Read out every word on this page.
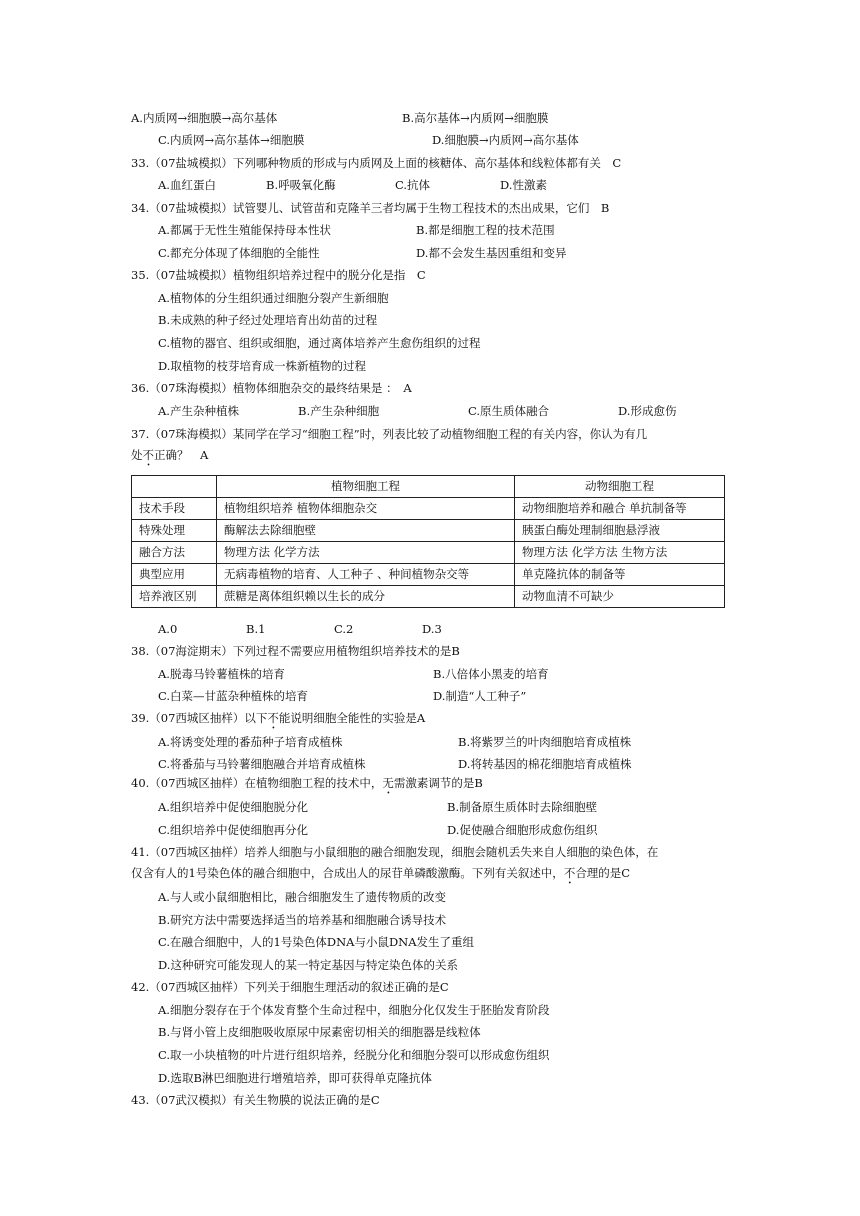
A.内质网→细胞膜→高尔基体	B.高尔基体→内质网→细胞膜
C.内质网→高尔基体→细胞膜	D.细胞膜→内质网→高尔基体
33.（07盐城模拟）下列哪种物质的形成与内质网及上面的核糖体、高尔基体和线粒体都有关　C
A.血红蛋白	B.呼吸氧化酶	C.抗体	D.性激素
34.（07盐城模拟）试管婴儿、试管苗和克隆羊三者均属于生物工程技术的杰出成果，它们　B
A.都属于无性生殖能保持母本性状	B.都是细胞工程的技术范围
C.都充分体现了体细胞的全能性	D.都不会发生基因重组和变异
35.（07盐城模拟）植物组织培养过程中的脱分化是指　C
A.植物体的分生组织通过细胞分裂产生新细胞
B.未成熟的种子经过处理培育出幼苗的过程
C.植物的器官、组织或细胞，通过离体培养产生愈伤组织的过程
D.取植物的枝芽培育成一株新植物的过程
36.（07珠海模拟）植物体细胞杂交的最终结果是 ：　A
A.产生杂种植株	B.产生杂种细胞	C.原生质体融合	D.形成愈伤
37.（07珠海模拟）某同学在学习“细胞工程”时，列表比较了动植物细胞工程的有关内容，你认为有几
处不正确？　A
	植物细胞工程	动物细胞工程
技术手段	植物组织培养 植物体细胞杂交	动物细胞培养和融合 单抗制备等
特殊处理	酶解法去除细胞壁	胰蛋白酶处理制细胞悬浮液
融合方法	物理方法 化学方法	物理方法 化学方法 生物方法
典型应用	无病毒植物的培育、人工种子 、种间植物杂交等	单克隆抗体的制备等
培养液区别	蔗糖是离体组织赖以生长的成分	动物血清不可缺少
A.0	B.1	C.2	D.3
38.（07海淀期末）下列过程不需要应用植物组织培养技术的是B
A.脱毒马铃薯植株的培育	B.八倍体小黑麦的培育
C.白菜—甘蓝杂种植株的培育	D.制造“人工种子”
39.（07西城区抽样）以下不能说明细胞全能性的实验是A
A.将诱变处理的番茄种子培育成植株	B.将紫罗兰的叶肉细胞培育成植株
C.将番茄与马铃薯细胞融合并培育成植株	D.将转基因的棉花细胞培育成植株
40.（07西城区抽样）在植物细胞工程的技术中，无需激素调节的是B
A.组织培养中促使细胞脱分化	B.制备原生质体时去除细胞壁
C.组织培养中促使细胞再分化	D.促使融合细胞形成愈伤组织
41.（07西城区抽样）培养人细胞与小鼠细胞的融合细胞发现，细胞会随机丢失来自人细胞的染色体，在
仅含有人的1号染色体的融合细胞中，合成出人的尿苷单磷酸激酶。下列有关叙述中，不合理的是C
A.与人或小鼠细胞相比，融合细胞发生了遗传物质的改变
B.研究方法中需要选择适当的培养基和细胞融合诱导技术
C.在融合细胞中，人的1号染色体DNA与小鼠DNA发生了重组
D.这种研究可能发现人的某一特定基因与特定染色体的关系
42.（07西城区抽样）下列关于细胞生理活动的叙述正确的是C
A.细胞分裂存在于个体发育整个生命过程中，细胞分化仅发生于胚胎发育阶段
B.与肾小管上皮细胞吸收原尿中尿素密切相关的细胞器是线粒体
C.取一小块植物的叶片进行组织培养，经脱分化和细胞分裂可以形成愈伤组织
D.选取B淋巴细胞进行增殖培养，即可获得单克隆抗体
43.（07武汉模拟）有关生物膜的说法正确的是C
